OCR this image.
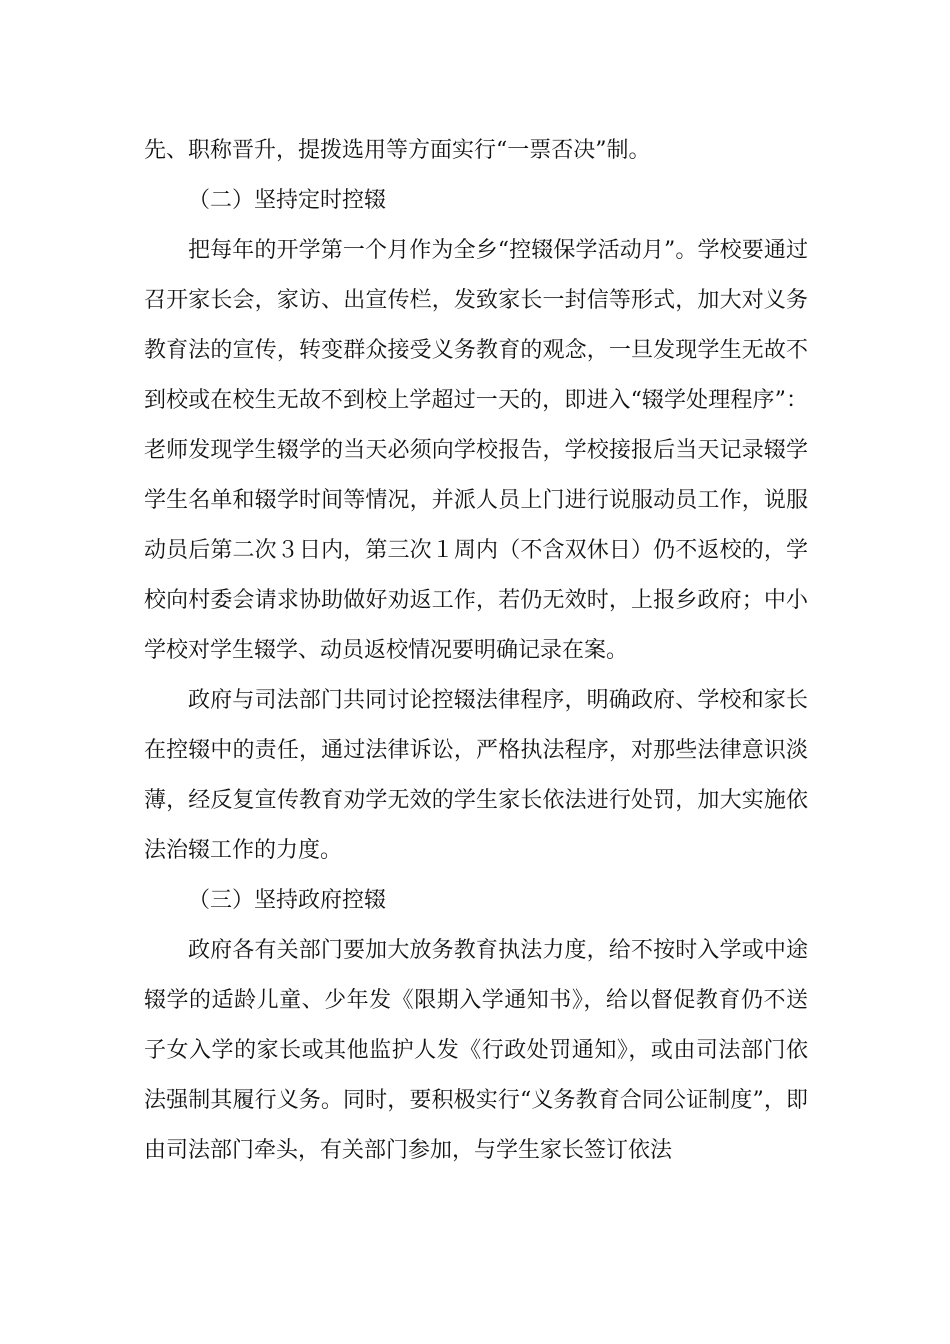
先、职称晋升，提拨选用等方面实行“一票否决”制。

（二）坚持定时控辍

把每年的开学第一个月作为全乡“控辍保学活动月”。学校要通过召开家长会，家访、出宣传栏，发致家长一封信等形式，加大对义务教育法的宣传，转变群众接受义务教育的观念，一旦发现学生无故不到校或在校生无故不到校上学超过一天的，即进入“辍学处理程序”：老师发现学生辍学的当天必须向学校报告，学校接报后当天记录辍学学生名单和辍学时间等情况，并派人员上门进行说服动员工作，说服动员后第二次３日内，第三次１周内（不含双休日）仍不返校的，学校向村委会请求协助做好劝返工作，若仍无效时，上报乡政府；中小学校对学生辍学、动员返校情况要明确记录在案。

政府与司法部门共同讨论控辍法律程序，明确政府、学校和家长在控辍中的责任，通过法律诉讼，严格执法程序，对那些法律意识淡薄，经反复宣传教育劝学无效的学生家长依法进行处罚，加大实施依法治辍工作的力度。

（三）坚持政府控辍

政府各有关部门要加大放务教育执法力度，给不按时入学或中途辍学的适龄儿童、少年发《限期入学通知书》，给以督促教育仍不送子女入学的家长或其他监护人发《行政处罚通知》，或由司法部门依法强制其履行义务。同时，要积极实行“义务教育合同公证制度”，即由司法部门牵头，有关部门参加，与学生家长签订依法
